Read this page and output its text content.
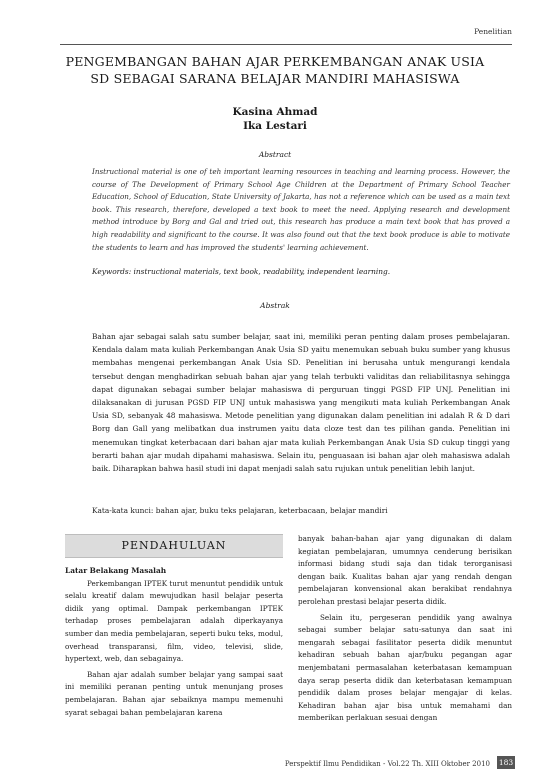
Penelitian
PENGEMBANGAN BAHAN AJAR PERKEMBANGAN ANAK USIA
SD SEBAGAI SARANA BELAJAR MANDIRI MAHASISWA
Kasina Ahmad
Ika Lestari
Abstract
Instructional material is one of teh important learning resources in teaching and learning process. However, the course of The Development of Primary School Age Children at the Department of Primary School Teacher Education, School of Education, State University of Jakarta, has not a reference which can be used as a main text book. This research, therefore, developed a text book to meet the need. Applying research and development method introduce by Borg and Gal and tried out, this research has produce a main text book that has proved a high readability and significant to the course. It was also found out that the text book produce is able to motivate the students to learn and has improved the students' learning achievement.
Keywords: instructional materials, text book, readability, independent learning.
Abstrak
Bahan ajar sebagai salah satu sumber belajar, saat ini, memiliki peran penting dalam proses pembelajaran. Kendala dalam mata kuliah Perkembangan Anak Usia SD yaitu menemukan sebuah buku sumber yang khusus membahas mengenai perkembangan Anak Usia SD. Penelitian ini berusaha untuk mengurangi kendala tersebut dengan menghadirkan sebuah bahan ajar yang telah terbukti validitas dan reliabilitasnya sehingga dapat digunakan sebagai sumber belajar mahasiswa di perguruan tinggi PGSD FIP UNJ. Penelitian ini dilaksanakan di jurusan PGSD FIP UNJ untuk mahasiswa yang mengikuti mata kuliah Perkembangan Anak Usia SD, sebanyak 48 mahasiswa. Metode penelitian yang digunakan dalam penelitian ini adalah R & D dari Borg dan Gall yang melibatkan dua instrumen yaitu data cloze test dan tes pilihan ganda. Penelitian ini menemukan tingkat keterbacaan dari bahan ajar mata kuliah Perkembangan Anak Usia SD cukup tinggi yang berarti bahan ajar mudah dipahami mahasiswa. Selain itu, penguasaan isi bahan ajar oleh mahasiswa adalah baik. Diharapkan bahwa hasil studi ini dapat menjadi salah satu rujukan untuk penelitian lebih lanjut.
Kata-kata kunci: bahan ajar, buku teks pelajaran, keterbacaan, belajar mandiri
PENDAHULUAN

Latar Belakang Masalah

Perkembangan IPTEK turut menuntut pendidik untuk selalu kreatif dalam mewujudkan hasil belajar peserta didik yang optimal. Dampak perkembangan IPTEK terhadap proses pembelajaran adalah diperkayanya sumber dan media pembelajaran, seperti buku teks, modul, overhead transparansi, film, video, televisi, slide, hypertext, web, dan sebagainya.

Bahan ajar adalah sumber belajar yang sampai saat ini memiliki peranan penting untuk menunjang proses pembelajaran. Bahan ajar sebaiknya mampu memenuhi syarat sebagai bahan pembelajaran karena

banyak bahan-bahan ajar yang digunakan di dalam kegiatan pembelajaran, umumnya cenderung berisikan informasi bidang studi saja dan tidak terorganisasi dengan baik. Kualitas bahan ajar yang rendah dengan pembelajaran konvensional akan berakibat rendahnya perolehan prestasi belajar peserta didik.

Selain itu, pergeseran pendidik yang awalnya sebagai sumber belajar satu-satunya dan saat ini mengarah sebagai fasilitator peserta didik menuntut kehadiran sebuah bahan ajar/buku pegangan agar menjembatani permasalahan keterbatasan kemampuan daya serap peserta didik dan keterbatasan kemampuan pendidik dalam proses belajar mengajar di kelas. Kehadiran bahan ajar bisa untuk memahami dan memberikan perlakuan sesuai dengan

Perspektif Ilmu Pendidikan - Vol.22 Th. XIII Oktober 2010 183
